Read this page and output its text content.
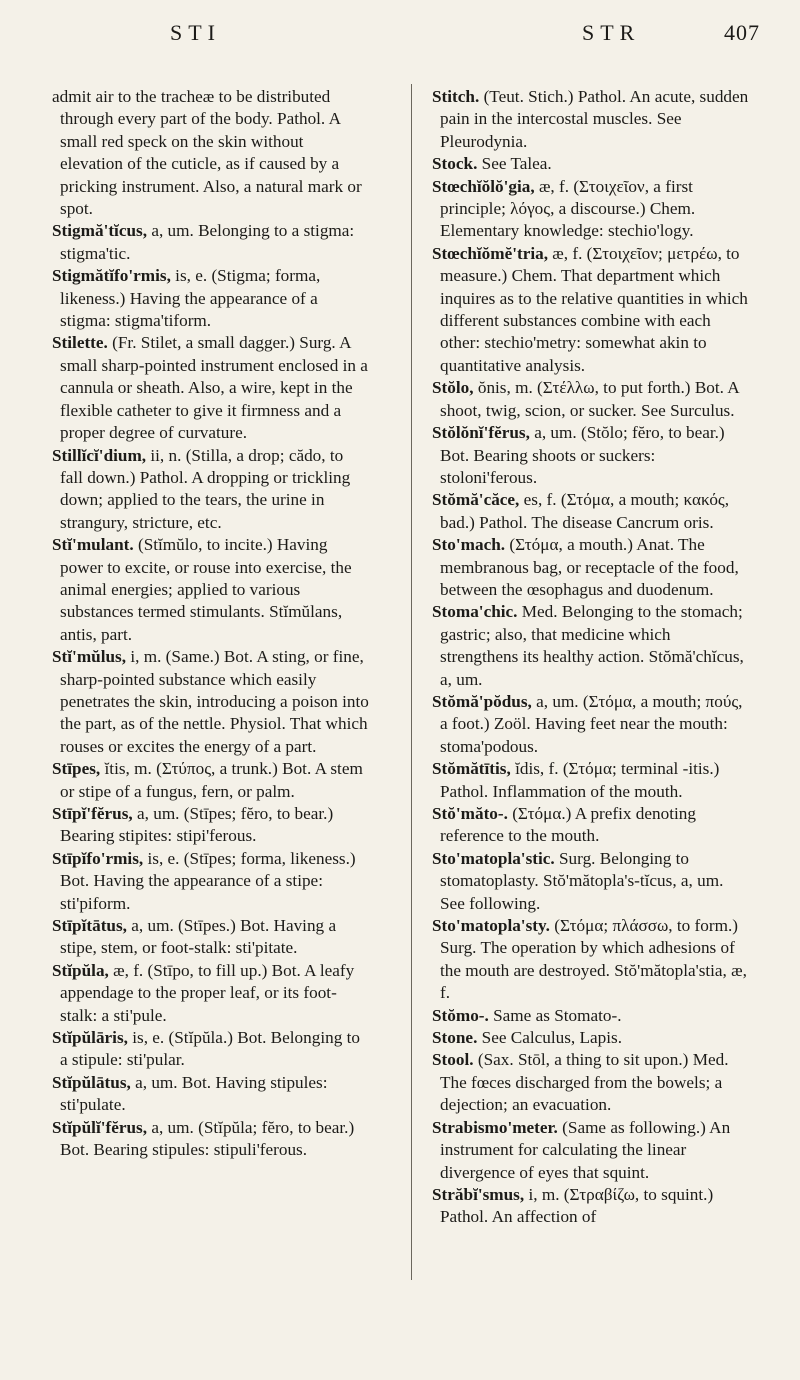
STI	STR	407

admit air to the tracheæ to be distributed through every part of the body. Pathol. A small red speck on the skin without elevation of the cuticle, as if caused by a pricking instrument. Also, a natural mark or spot.

Stigmă'tĭcus, a, um. Belonging to a stigma: stigma'tic.

Stigmătĭfo'rmis, is, e. (Stigma; forma, likeness.) Having the appearance of a stigma: stigma'tiform.

Stilette. (Fr. Stilet, a small dagger.) Surg. A small sharp-pointed instrument enclosed in a cannula or sheath. Also, a wire, kept in the flexible catheter to give it firmness and a proper degree of curvature.

Stillĭcĭ'dium, ii, n. (Stilla, a drop; cădo, to fall down.) Pathol. A dropping or trickling down; applied to the tears, the urine in strangury, stricture, etc.

Stĭ'mulant. (Stĭmŭlo, to incite.) Having power to excite, or rouse into exercise, the animal energies; applied to various substances termed stimulants. Stĭmŭlans, antis, part.

Stĭ'mŭlus, i, m. (Same.) Bot. A sting, or fine, sharp-pointed substance which easily penetrates the skin, introducing a poison into the part, as of the nettle. Physiol. That which rouses or excites the energy of a part.

Stīpes, ĭtis, m. (Στύπος, a trunk.) Bot. A stem or stipe of a fungus, fern, or palm.

Stīpĭ'fĕrus, a, um. (Stīpes; fĕro, to bear.) Bearing stipites: stipi'ferous.

Stīpĭfo'rmis, is, e. (Stīpes; forma, likeness.) Bot. Having the appearance of a stipe: sti'piform.

Stīpĭtātus, a, um. (Stīpes.) Bot. Having a stipe, stem, or foot-stalk: sti'pitate.

Stĭpŭla, æ, f. (Stīpo, to fill up.) Bot. A leafy appendage to the proper leaf, or its foot-stalk: a sti'pule.

Stĭpŭlāris, is, e. (Stĭpŭla.) Bot. Belonging to a stipule: sti'pular.

Stĭpŭlātus, a, um. Bot. Having stipules: sti'pulate.

Stĭpŭlĭ'fĕrus, a, um. (Stĭpŭla; fĕro, to bear.) Bot. Bearing stipules: stipuli'ferous.

Stitch. (Teut. Stich.) Pathol. An acute, sudden pain in the intercostal muscles. See Pleurodynia.

Stock. See Talea.

Stœchĭŏlŏ'gia, æ, f. (Στοιχεῖον, a first principle; λόγος, a discourse.) Chem. Elementary knowledge: stechio'logy.

Stœchĭŏmĕ'tria, æ, f. (Στοιχεῖον; μετρέω, to measure.) Chem. That department which inquires as to the relative quantities in which different substances combine with each other: stechio'metry: somewhat akin to quantitative analysis.

Stŏlo, ŏnis, m. (Στέλλω, to put forth.) Bot. A shoot, twig, scion, or sucker. See Surculus.

Stŏlŏnĭ'fĕrus, a, um. (Stŏlo; fĕro, to bear.) Bot. Bearing shoots or suckers: stoloni'ferous.

Stŏmă'căce, es, f. (Στόμα, a mouth; κακός, bad.) Pathol. The disease Cancrum oris.

Sto'mach. (Στόμα, a mouth.) Anat. The membranous bag, or receptacle of the food, between the œsophagus and duodenum.

Stoma'chic. Med. Belonging to the stomach; gastric; also, that medicine which strengthens its healthy action. Stŏmă'chĭcus, a, um.

Stŏmă'pŏdus, a, um. (Στόμα, a mouth; πούς, a foot.) Zoöl. Having feet near the mouth: stoma'podous.

Stŏmătītis, ĭdis, f. (Στόμα; terminal -itis.) Pathol. Inflammation of the mouth.

Stŏ'măto-. (Στόμα.) A prefix denoting reference to the mouth.

Sto'matopla'stic. Surg. Belonging to stomatoplasty. Stŏ'mătopla's-tĭcus, a, um. See following.

Sto'matopla'sty. (Στόμα; πλάσσω, to form.) Surg. The operation by which adhesions of the mouth are destroyed. Stŏ'mătopla'stia, æ, f.

Stŏmo-. Same as Stomato-.

Stone. See Calculus, Lapis.

Stool. (Sax. Stōl, a thing to sit upon.) Med. The fœces discharged from the bowels; a dejection; an evacuation.

Strabismo'meter. (Same as following.) An instrument for calculating the linear divergence of eyes that squint.

Străbĭ'smus, i, m. (Στραβίζω, to squint.) Pathol. An affection of
